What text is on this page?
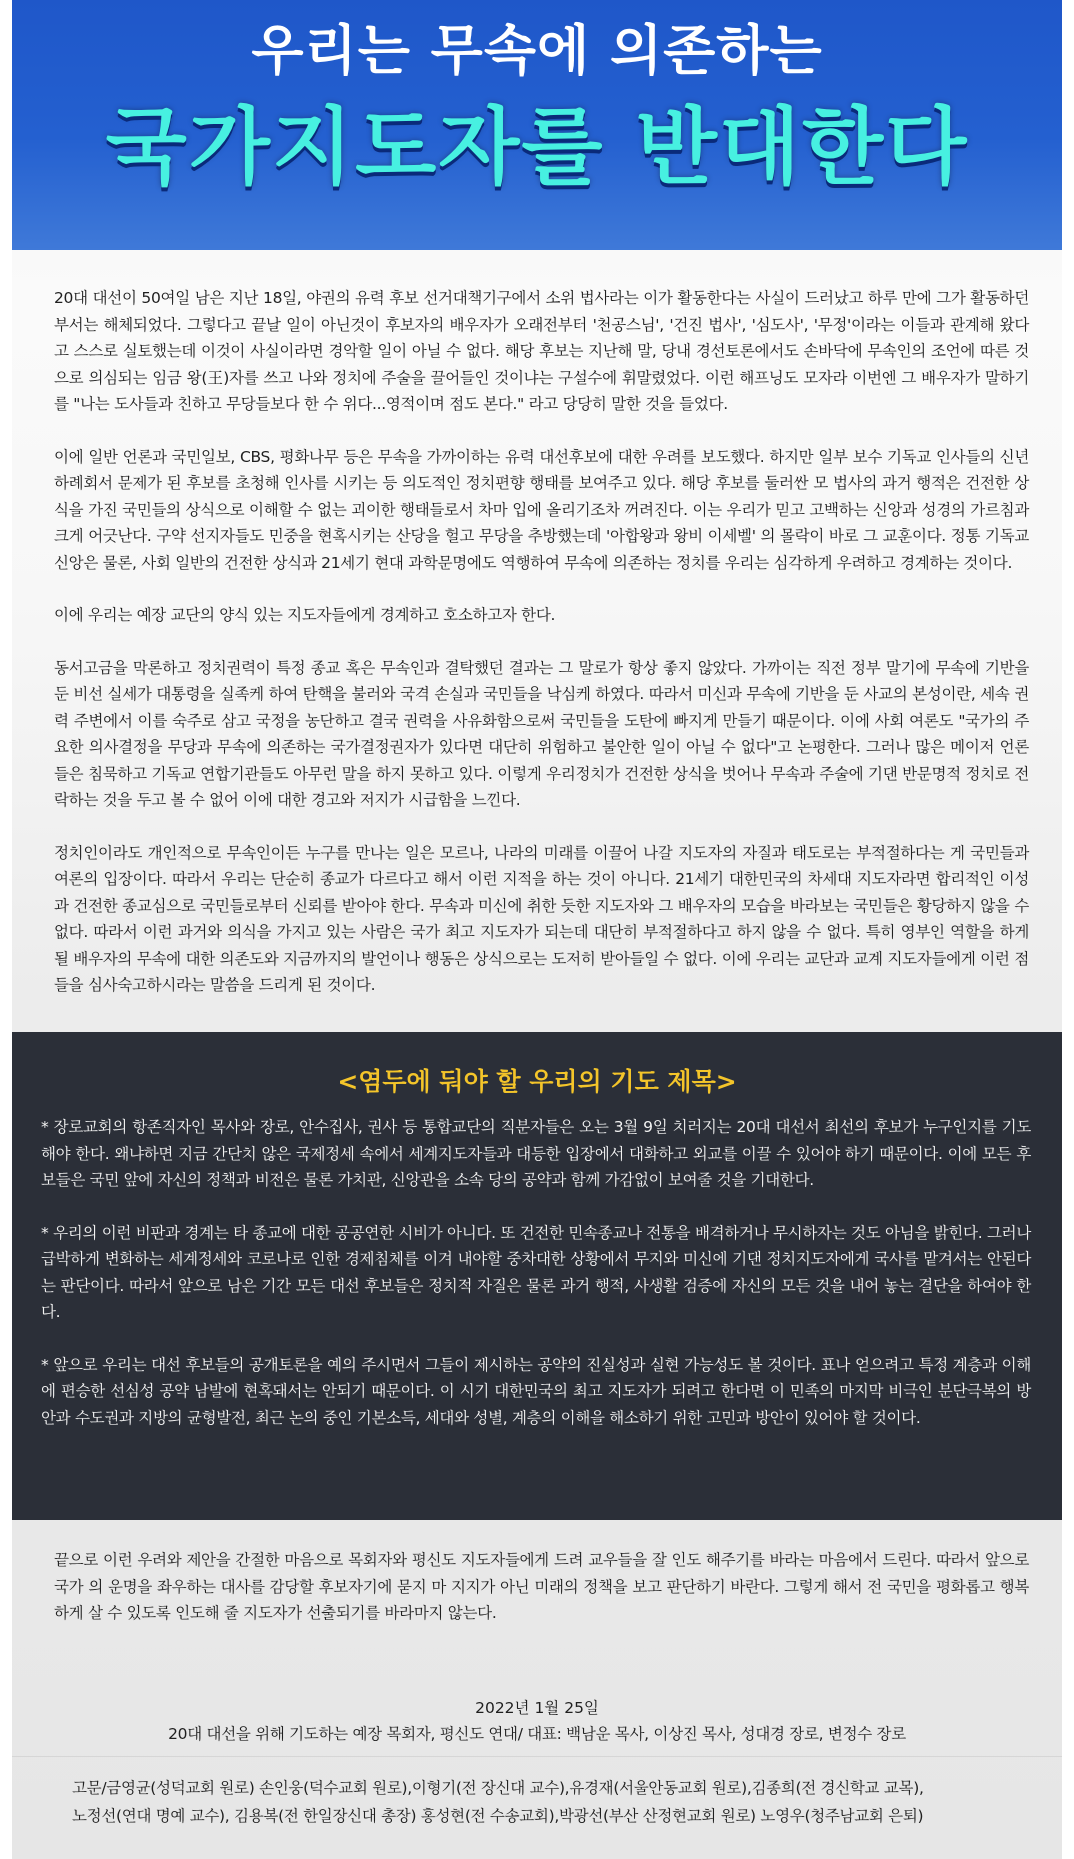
우리는 무속에 의존하는
국가지도자를 반대한다

20대 대선이 50여일 남은 지난 18일, 야권의 유력 후보 선거대책기구에서 소위 법사라는 이가 활동한다는 사실이 드러났고 하루 만에 그가 활동하던 부서는 해체되었다. 그렇다고 끝날 일이 아닌것이 후보자의 배우자가 오래전부터 '천공스님', '건진 법사', '심도사', '무정'이라는 이들과 관계해 왔다고 스스로 실토했는데 이것이 사실이라면 경악할 일이 아닐 수 없다. 해당 후보는 지난해 말, 당내 경선토론에서도 손바닥에 무속인의 조언에 따른 것으로 의심되는 임금 왕(王)자를 쓰고 나와 정치에 주술을 끌어들인 것이냐는 구설수에 휘말렸었다. 이런 해프닝도 모자라 이번엔 그 배우자가 말하기를 "나는 도사들과 친하고 무당들보다 한 수 위다...영적이며 점도 본다." 라고 당당히 말한 것을 들었다.

이에 일반 언론과 국민일보, CBS, 평화나무 등은 무속을 가까이하는 유력 대선후보에 대한 우려를 보도했다. 하지만 일부 보수 기독교 인사들의 신년 하례회서 문제가 된 후보를 초청해 인사를 시키는 등 의도적인 정치편향 행태를 보여주고 있다. 해당 후보를 둘러싼 모 법사의 과거 행적은 건전한 상식을 가진 국민들의 상식으로 이해할 수 없는 괴이한 행태들로서 차마 입에 올리기조차 꺼려진다. 이는 우리가 믿고 고백하는 신앙과 성경의 가르침과 크게 어긋난다. 구약 선지자들도 민중을 현혹시키는 산당을 헐고 무당을 추방했는데 '아합왕과 왕비 이세벨' 의 몰락이 바로 그 교훈이다. 정통 기독교 신앙은 물론, 사회 일반의 건전한 상식과 21세기 현대 과학문명에도 역행하여 무속에 의존하는 정치를 우리는 심각하게 우려하고 경계하는 것이다.

이에 우리는 예장 교단의 양식 있는 지도자들에게 경계하고 호소하고자 한다.

동서고금을 막론하고 정치권력이 특정 종교 혹은 무속인과 결탁했던 결과는 그 말로가 항상 좋지 않았다. 가까이는 직전 정부 말기에 무속에 기반을 둔 비선 실세가 대통령을 실족케 하여 탄핵을 불러와 국격 손실과 국민들을 낙심케 하였다. 따라서 미신과 무속에 기반을 둔 사교의 본성이란, 세속 권력 주변에서 이를 숙주로 삼고 국정을 농단하고 결국 권력을 사유화함으로써 국민들을 도탄에 빠지게 만들기 때문이다. 이에 사회 여론도 "국가의 주요한 의사결정을 무당과 무속에 의존하는 국가결정권자가 있다면 대단히 위험하고 불안한 일이 아닐 수 없다"고 논평한다. 그러나 많은 메이저 언론들은 침묵하고 기독교 연합기관들도 아무런 말을 하지 못하고 있다. 이렇게 우리정치가 건전한 상식을 벗어나 무속과 주술에 기댄 반문명적 정치로 전락하는 것을 두고 볼 수 없어 이에 대한 경고와 저지가 시급함을 느낀다.

정치인이라도 개인적으로 무속인이든 누구를 만나는 일은 모르나, 나라의 미래를 이끌어 나갈 지도자의 자질과 태도로는 부적절하다는 게 국민들과 여론의 입장이다. 따라서 우리는 단순히 종교가 다르다고 해서 이런 지적을 하는 것이 아니다. 21세기 대한민국의 차세대 지도자라면 합리적인 이성과 건전한 종교심으로 국민들로부터 신뢰를 받아야 한다. 무속과 미신에 취한 듯한 지도자와 그 배우자의 모습을 바라보는 국민들은 황당하지 않을 수 없다. 따라서 이런 과거와 의식을 가지고 있는 사람은 국가 최고 지도자가 되는데 대단히 부적절하다고 하지 않을 수 없다. 특히 영부인 역할을 하게 될 배우자의 무속에 대한 의존도와 지금까지의 발언이나 행동은 상식으로는 도저히 받아들일 수 없다. 이에 우리는 교단과 교계 지도자들에게 이런 점들을 심사숙고하시라는 말씀을 드리게 된 것이다.

<염두에 둬야 할 우리의 기도 제목>

* 장로교회의 항존직자인 목사와 장로, 안수집사, 권사 등 통합교단의 직분자들은 오는 3월 9일 치러지는 20대 대선서 최선의 후보가 누구인지를 기도해야 한다. 왜냐하면 지금 간단치 않은 국제정세 속에서 세계지도자들과 대등한 입장에서 대화하고 외교를 이끌 수 있어야 하기 때문이다. 이에 모든 후보들은 국민 앞에 자신의 정책과 비전은 물론 가치관, 신앙관을 소속 당의 공약과 함께 가감없이 보여줄 것을 기대한다.

* 우리의 이런 비판과 경계는 타 종교에 대한 공공연한 시비가 아니다. 또 건전한 민속종교나 전통을 배격하거나 무시하자는 것도 아님을 밝힌다. 그러나 급박하게 변화하는 세계정세와 코로나로 인한 경제침체를 이겨 내야할 중차대한 상황에서 무지와 미신에 기댄 정치지도자에게 국사를 맡겨서는 안된다는 판단이다. 따라서 앞으로 남은 기간 모든 대선 후보들은 정치적 자질은 물론 과거 행적, 사생활 검증에 자신의 모든 것을 내어 놓는 결단을 하여야 한다.

* 앞으로 우리는 대선 후보들의 공개토론을 예의 주시면서 그들이 제시하는 공약의 진실성과 실현 가능성도 볼 것이다. 표나 얻으려고 특정 계층과 이해에 편승한 선심성 공약 남발에 현혹돼서는 안되기 때문이다. 이 시기 대한민국의 최고 지도자가 되려고 한다면 이 민족의 마지막 비극인 분단극복의 방안과 수도권과 지방의 균형발전, 최근 논의 중인 기본소득, 세대와 성별, 계층의 이해을 해소하기 위한 고민과 방안이 있어야 할 것이다.

끝으로 이런 우려와 제안을 간절한 마음으로 목회자와 평신도 지도자들에게 드려 교우들을 잘 인도 해주기를 바라는 마음에서 드린다. 따라서 앞으로 국가 의 운명을 좌우하는 대사를 감당할 후보자기에 묻지 마 지지가 아닌 미래의 정책을 보고 판단하기 바란다. 그렇게 해서 전 국민을 평화롭고 행복하게 살 수 있도록 인도해 줄 지도자가 선출되기를 바라마지 않는다.

2022년 1월 25일
20대 대선을 위해 기도하는 예장 목회자, 평신도 연대/ 대표: 백남운 목사, 이상진 목사, 성대경 장로, 변정수 장로

고문/금영균(성덕교회 원로) 손인웅(덕수교회 원로),이형기(전 장신대 교수),유경재(서울안동교회 원로),김종희(전 경신학교 교목),

노정선(연대 명예 교수), 김용복(전 한일장신대 총장) 홍성현(전 수송교회),박광선(부산 산정현교회 원로) 노영우(청주남교회 은퇴)
